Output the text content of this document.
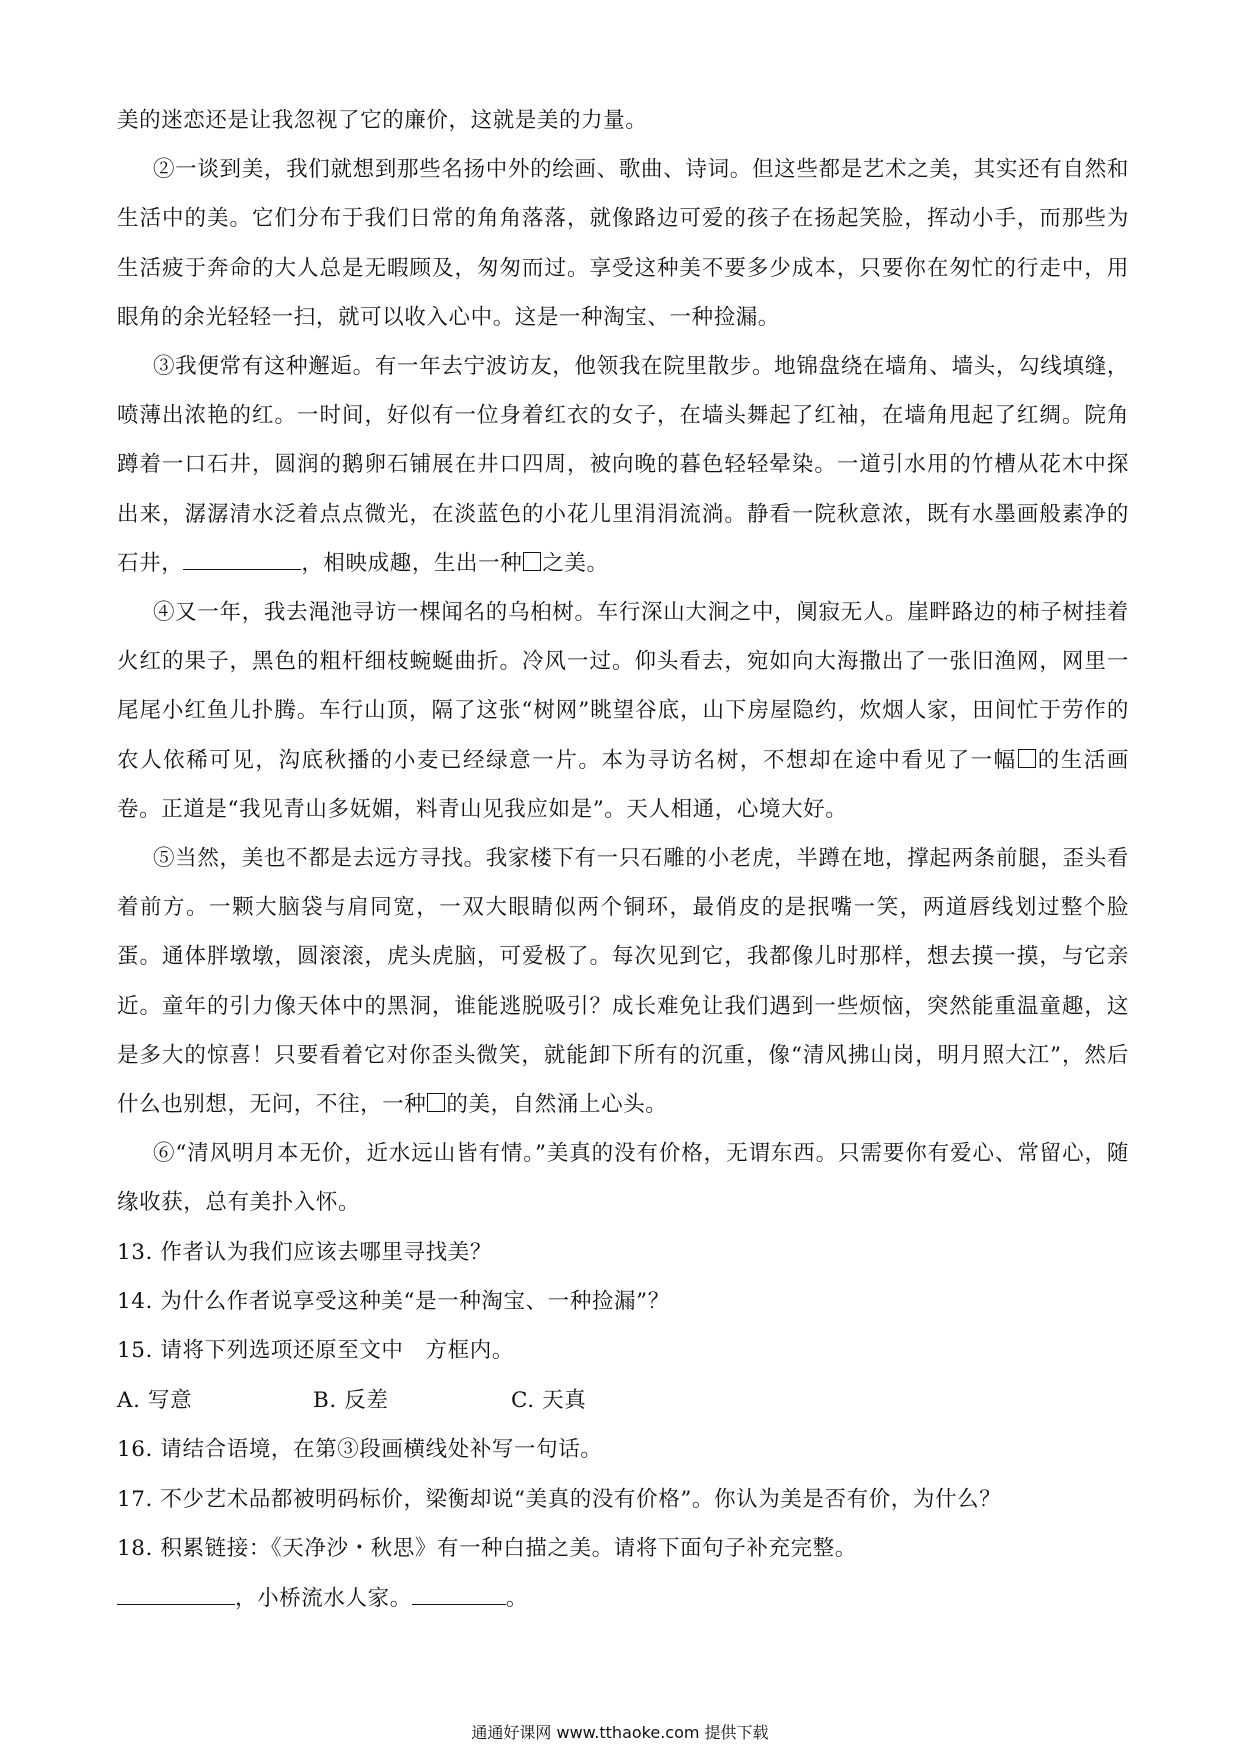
美的迷恋还是让我忽视了它的廉价，这就是美的力量。

②一谈到美，我们就想到那些名扬中外的绘画、歌曲、诗词。但这些都是艺术之美，其实还有自然和生活中的美。它们分布于我们日常的角角落落，就像路边可爱的孩子在扬起笑脸，挥动小手，而那些为生活疲于奔命的大人总是无暇顾及，匆匆而过。享受这种美不要多少成本，只要你在匆忙的行走中，用眼角的余光轻轻一扫，就可以收入心中。这是一种淘宝、一种捡漏。

③我便常有这种邂逅。有一年去宁波访友，他领我在院里散步。地锦盘绕在墙角、墙头，勾线填缝，喷薄出浓艳的红。一时间，好似有一位身着红衣的女子，在墙头舞起了红袖，在墙角甩起了红绸。院角蹲着一口石井，圆润的鹅卵石铺展在井口四周，被向晚的暮色轻轻晕染。一道引水用的竹槽从花木中探出来，潺潺清水泛着点点微光，在淡蓝色的小花儿里涓涓流淌。静看一院秋意浓，既有水墨画般素净的石井，	，相映成趣，生出一种 之美。

④又一年，我去渑池寻访一棵闻名的乌桕树。车行深山大涧之中，阒寂无人。崖畔路边的柿子树挂着火红的果子，黑色的粗杆细枝蜿蜒曲折。冷风一过。仰头看去，宛如向大海撒出了一张旧渔网，网里一尾尾小红鱼儿扑腾。车行山顶，隔了这张“树网”眺望谷底，山下房屋隐约，炊烟人家，田间忙于劳作的农人依稀可见，沟底秋播的小麦已经绿意一片。本为寻访名树，不想却在途中看见了一幅 的生活画卷。正道是“我见青山多妩媚，料青山见我应如是”。天人相通，心境大好。

⑤当然，美也不都是去远方寻找。我家楼下有一只石雕的小老虎，半蹲在地，撑起两条前腿，歪头看着前方。一颗大脑袋与肩同宽，一双大眼睛似两个铜环，最俏皮的是抿嘴一笑，两道唇线划过整个脸蛋。通体胖墩墩，圆滚滚，虎头虎脑，可爱极了。每次见到它，我都像儿时那样，想去摸一摸，与它亲近。童年的引力像天体中的黑洞，谁能逃脱吸引？成长难免让我们遇到一些烦恼，突然能重温童趣，这是多大的惊喜！只要看着它对你歪头微笑，就能卸下所有的沉重，像“清风拂山岗，明月照大江”，然后什么也别想，无问，不往，一种 的美，自然涌上心头。

⑥“清风明月本无价，近水远山皆有情。”美真的没有价格，无谓东西。只需要你有爱心、常留心，随缘收获，总有美扑入怀。

13. 作者认为我们应该去哪里寻找美？

14. 为什么作者说享受这种美“是一种淘宝、一种捡漏”？

15. 请将下列选项还原至文中 方框内。

A. 写意	B. 反差	C. 天真

16. 请结合语境，在第③段画横线处补写一句话。

17. 不少艺术品都被明码标价，梁衡却说“美真的没有价格”。你认为美是否有价，为什么？

18. 积累链接：《天净沙・秋思》有一种白描之美。请将下面句子补充完整。

，小桥流水人家。	。

通通好课网 www.tthaoke.com 提供下载
